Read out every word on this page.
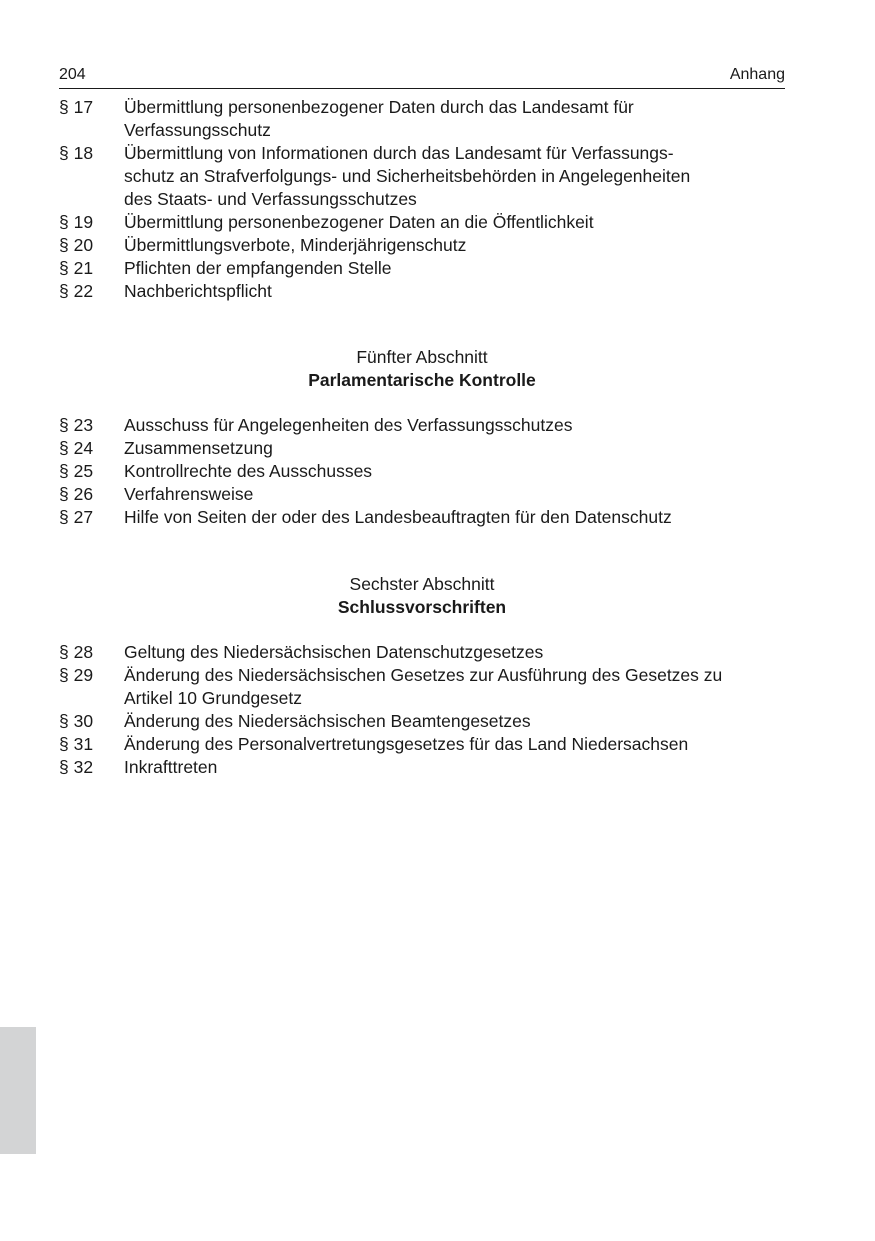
204	Anhang
§ 17	Übermittlung personenbezogener Daten durch das Landesamt für
Verfassungsschutz
§ 18	Übermittlung von Informationen durch das Landesamt für Verfassungs-
schutz an Strafverfolgungs- und Sicherheitsbehörden in Angelegenheiten
des Staats- und Verfassungsschutzes
§ 19	Übermittlung personenbezogener Daten an die Öffentlichkeit
§ 20	Übermittlungsverbote, Minderjährigenschutz
§ 21	Pflichten der empfangenden Stelle
§ 22	Nachberichtspflicht
Fünfter Abschnitt
Parlamentarische Kontrolle
§ 23	Ausschuss für Angelegenheiten des Verfassungsschutzes
§ 24	Zusammensetzung
§ 25	Kontrollrechte des Ausschusses
§ 26	Verfahrensweise
§ 27	Hilfe von Seiten der oder des Landesbeauftragten für den Datenschutz
Sechster Abschnitt
Schlussvorschriften
§ 28	Geltung des Niedersächsischen Datenschutzgesetzes
§ 29	Änderung des Niedersächsischen Gesetzes zur Ausführung des Gesetzes zu
Artikel 10 Grundgesetz
§ 30	Änderung des Niedersächsischen Beamtengesetzes
§ 31	Änderung des Personalvertretungsgesetzes für das Land Niedersachsen
§ 32	Inkrafttreten
